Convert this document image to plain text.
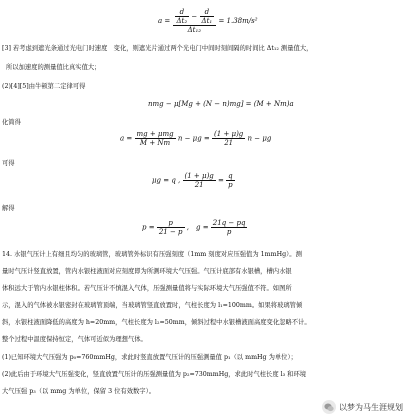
$a = \frac{\frac{d}{\text{Δt₂}} - \frac{d}{\text{Δt₁}}}{\text{Δt₁₂}} = 1.38m/s^2$
[3] 若考虑到遮光条通过光电门时速度　变化，则遮光片通过两个光电门中间时刻间隔的时间比 Δt₁₂ 测量值大，
所以加速度的测量值比真实值大；
(2)[4][5]由牛顿第二定律可得
nmg − μ[Mg + (N − n)mg] = (M + Nm)a
化简得
$a = \frac{\text{mg + μmg}}{M + Nm}$ $n - \mu g = \frac{(1 + \mu)g}{21}$ n − μg
可得
μg = q , $\frac{(1 + \mu)g}{21} = \frac{q}{p}$
解得
$p = \frac{p}{21 - p}$ ,　$g = \frac{21q - pq}{p}$
14. 水银气压计上有细且均匀的玻璃管，玻璃管外标识有压强刻度（1mm 刻度对应压强值为 1mmHg）。测
量时气压计竖直放置，管内水银柱液面对应刻度即为所测环境大气压强。气压计底部有水银槽，槽内水银
体积远大于管内水银柱体积。若气压计不慎混入气体，压强测量值将与实际环境大气压强值不符。如图所
示，混入的气体被水银密封在玻璃管顶端，当玻璃管竖直放置时，气柱长度为 l₁=100mm。如果将玻璃管倾
斜，水银柱液面降低的高度为 h=20mm，气柱长度为 l₂=50mm，倾斜过程中水银槽液面高度变化忽略不计。
整个过程中温度保持恒定，气体可近似为理想气体。
(1)已知环境大气压强为 p₀=760mmHg，求此时竖直放置气压计的压强测量值 p₁（以 mmHg 为单位）；
(2)此后由于环境大气压强变化，竖直放置气压计的压强测量值为 p₂=730mmHg，求此时气柱长度 l₃ 和环境
大气压强 p₃（以 mmg 为单位，保留 3 位有效数字）。
以梦为马生涯规划
